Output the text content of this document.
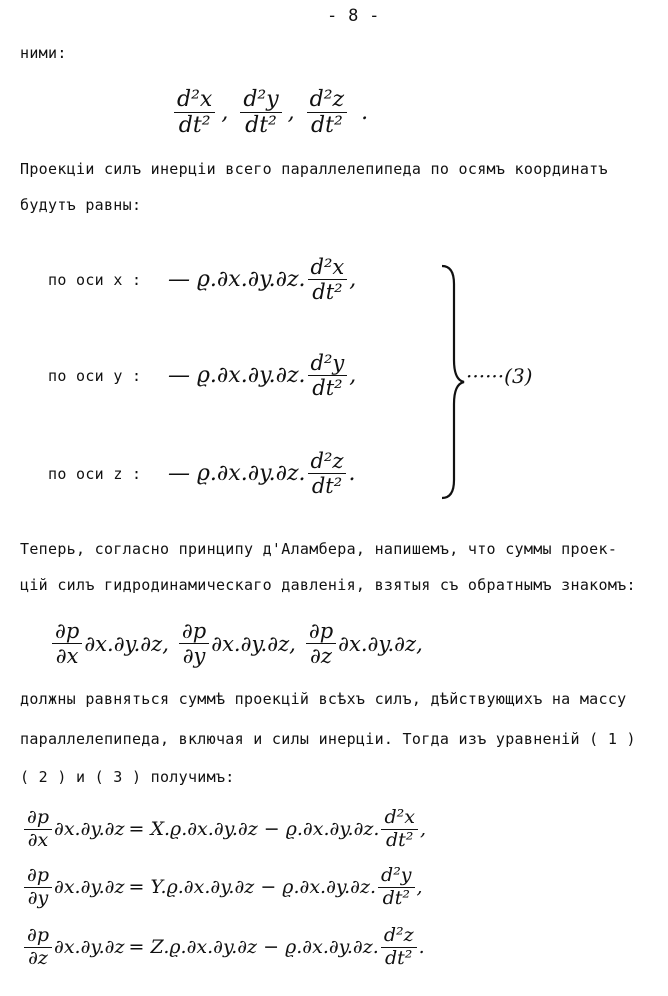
- 8 -
ними:
$\frac{\text{d²x}}{\text{dt²}}$ , $\frac{\text{d²y}}{\text{dt²}}$ , $\frac{\text{d²z}}{\text{dt²}}$ .
Проекціи силъ инерціи всего параллелепипеда по осямъ координатъ
будутъ равны:
по оси x :	— ϱ.∂x.∂y.∂z. $\frac{\text{d²x}}{\text{dt²}}$ ,
по оси y :	— ϱ.∂x.∂y.∂z. $\frac{\text{d²y}}{\text{dt²}}$ ,
по оси z :	— ϱ.∂x.∂y.∂z. $\frac{\text{d²z}}{\text{dt²}}$ .
······(3)
Теперь, согласно принципу д'Аламбера, напишемъ, что суммы проек-
цій силъ гидродинамическаго давленія, взятыя съ обратнымъ знакомъ:
$\frac{\partial p}{\partial x} \partial x.\partial y.\partial z$ , $\frac{\partial p}{\partial y} \partial x.\partial y.\partial z$ , $\frac{\partial p}{\partial z} \partial x.\partial y.\partial z$ ,
должны равняться суммѣ проекцій всѣхъ силъ, дѣйствующихъ на массу
параллелепипеда, включая и силы инерціи. Тогда изъ уравненій ( 1 )
( 2 ) и ( 3 ) получимъ:
$\frac{\partial p}{\partial x} \partial x.\partial y.\partial z = X.ϱ.\partial x.\partial y.\partial z - ϱ.\partial x.\partial y.\partial z$. $\frac{\text{d²x}}{\text{dt²}}$ ,
$\frac{\partial p}{\partial y} \partial x.\partial y.\partial z = Y.ϱ.\partial x.\partial y.\partial z - ϱ.\partial x.\partial y.\partial z$. $\frac{\text{d²y}}{\text{dt²}}$ ,
$\frac{\partial p}{\partial z} \partial x.\partial y.\partial z = Z.ϱ.\partial x.\partial y.\partial z - ϱ.\partial x.\partial y.\partial z$. $\frac{\text{d²z}}{\text{dt²}}$ .
